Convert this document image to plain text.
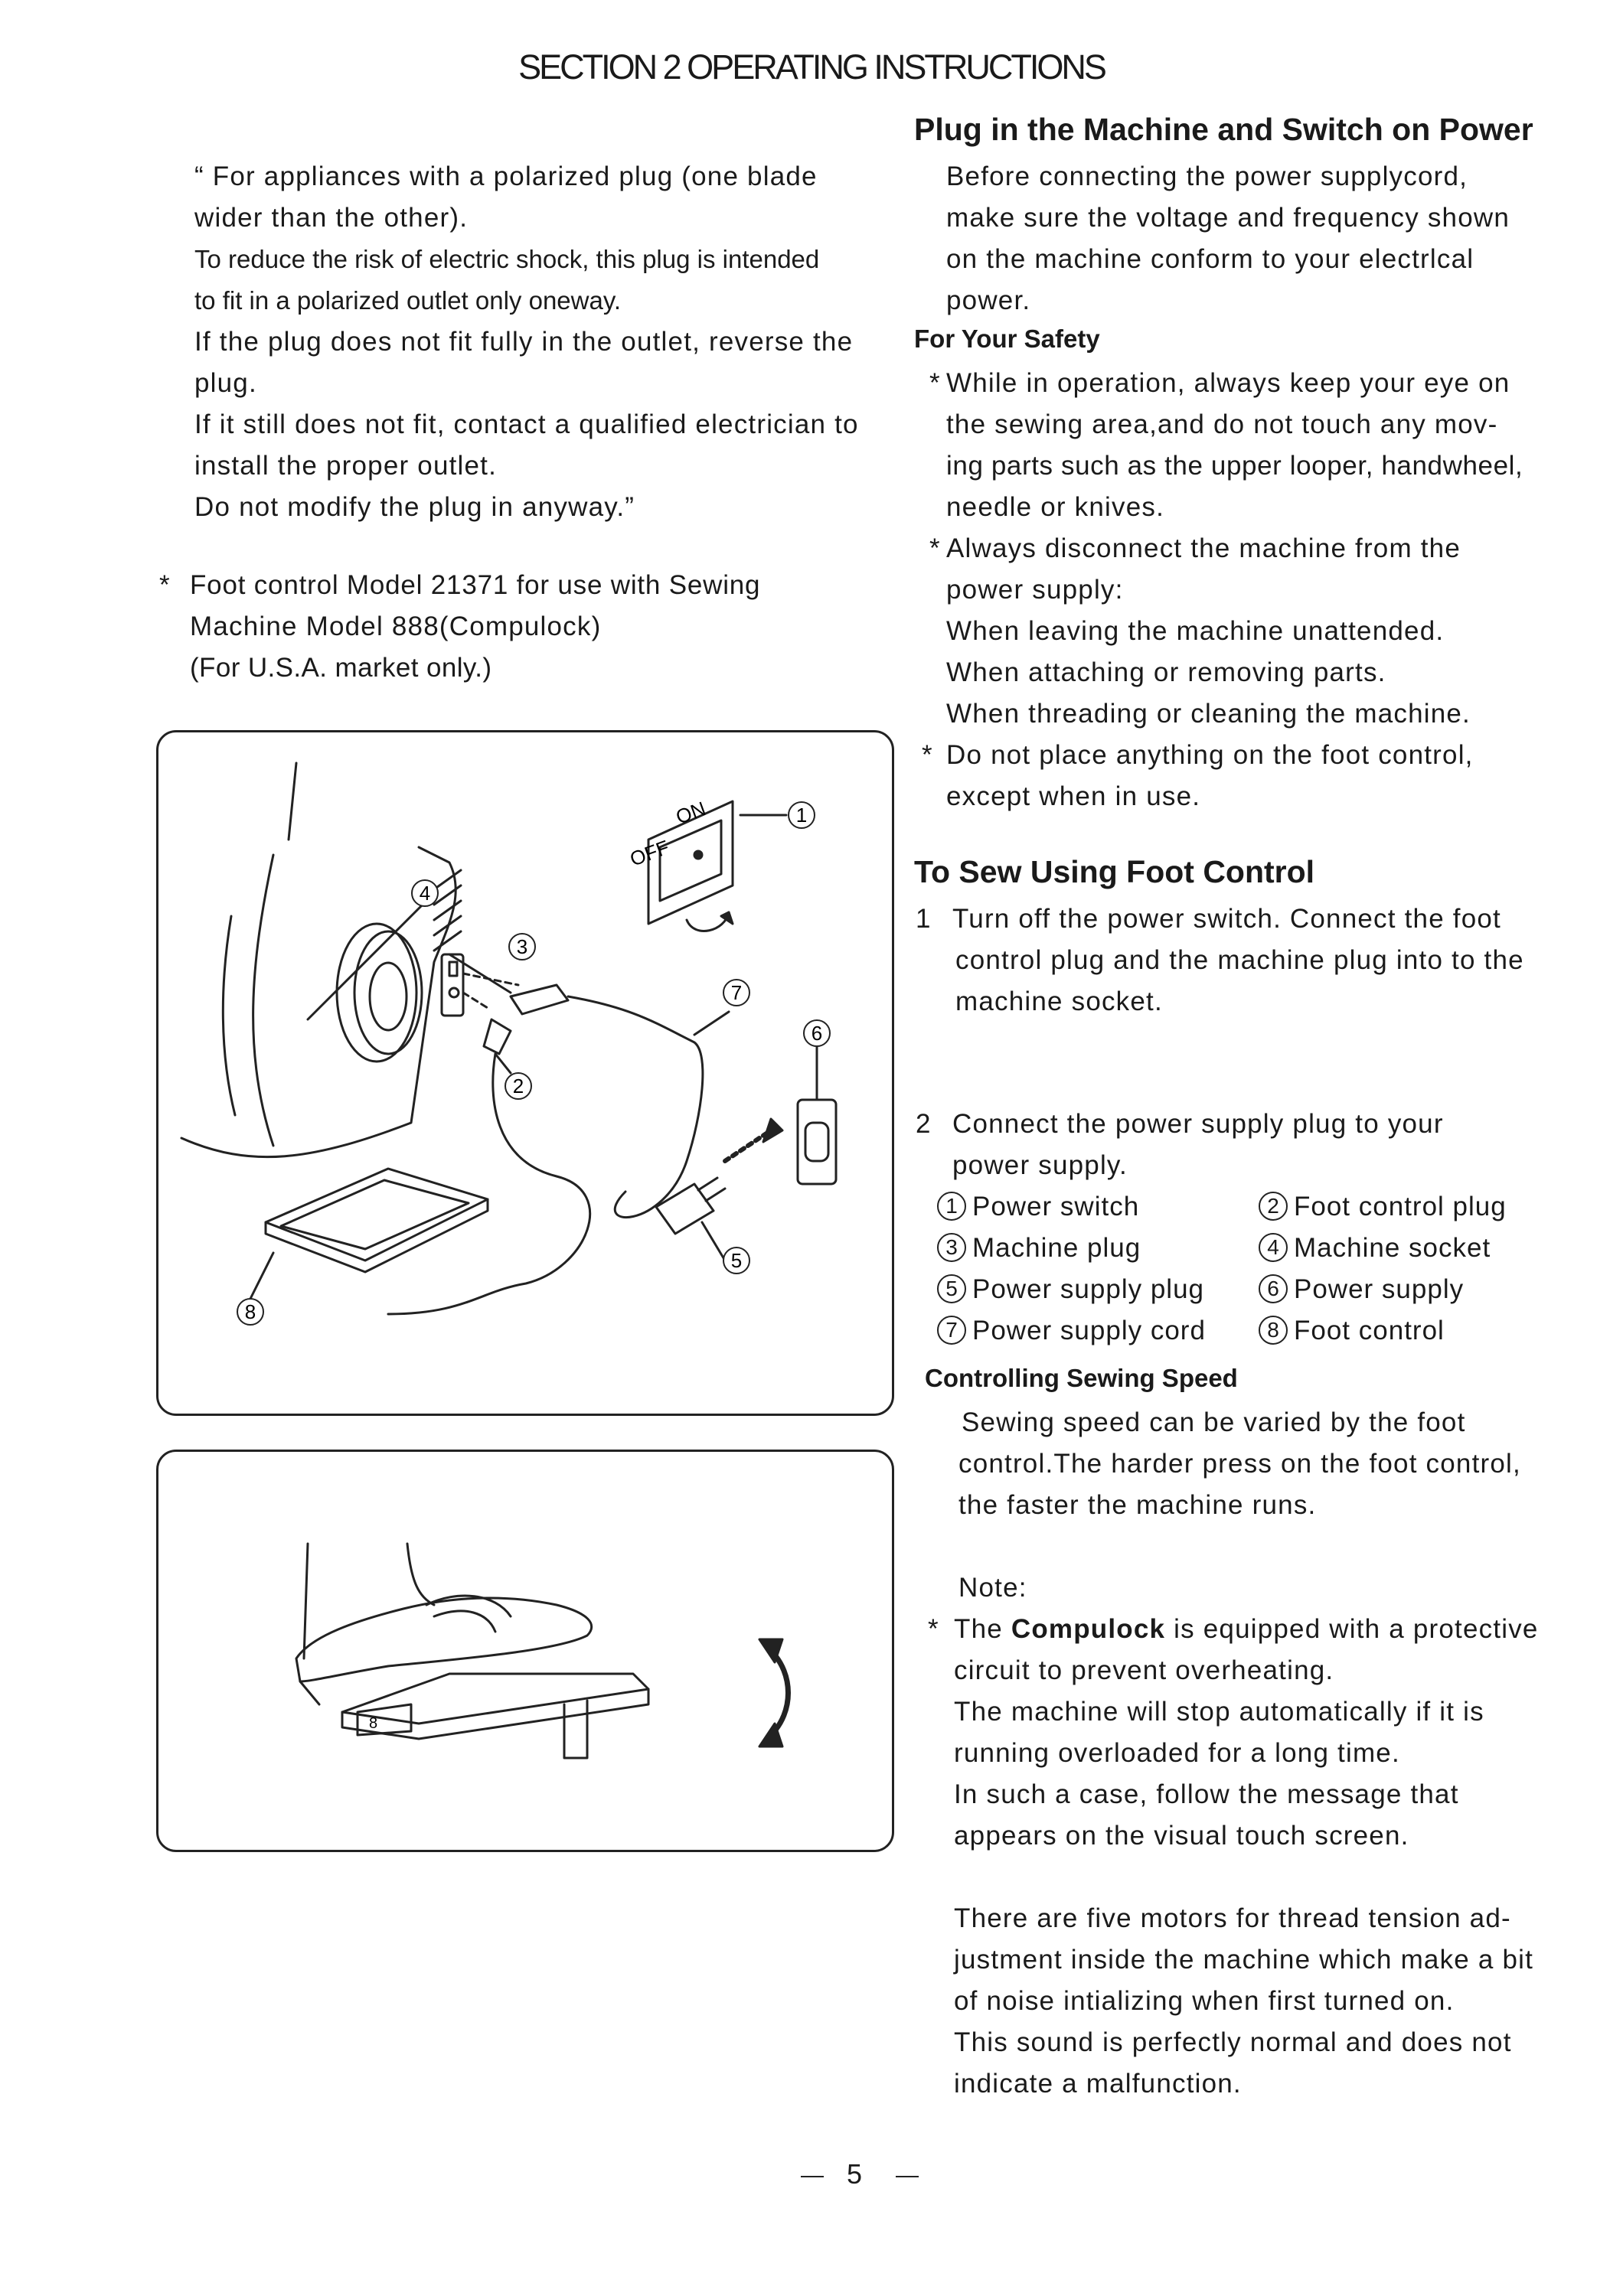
SECTION 2 OPERATING INSTRUCTIONS
“ For appliances with a polarized plug (one blade
wider than the other).
To reduce the risk of electric shock, this plug is intended
to fit in a polarized outlet only oneway.
If the plug does not fit fully in the outlet, reverse the
plug.
If it still does not fit, contact a qualified electrician to
install the proper outlet.
Do not modify the plug in anyway.”
* Foot control Model 21371 for use with Sewing
Machine Model 888(Compulock)
(For U.S.A. market only.)
OFF
ON	1
2
3
4
5
6
7
8
8
Plug in the Machine and Switch on Power
Before connecting the power supplycord,
make sure the voltage and frequency shown
on the machine conform to your electrlcal
power.
For Your Safety
* While in operation, always keep your eye on
the sewing area,and do not touch any mov-
ing parts such as the upper looper, handwheel,
needle or knives.
* Always disconnect the machine from the
power supply:
When leaving the machine unattended.
When attaching or removing parts.
When threading or cleaning the machine.
* Do not place anything on the foot control,
except when in use.
To Sew Using Foot Control
1 Turn off the power switch. Connect the foot
control plug and the machine plug into to the
machine socket.
2 Connect the power supply plug to your
power supply.
1 Power switch	2 Foot control plug
3 Machine plug	4 Machine socket
5 Power supply plug	6 Power supply
7 Power supply cord	8 Foot control
Controlling Sewing Speed
Sewing speed can be varied by the foot
control.The harder press on the foot control,
the faster the machine runs.
Note:
* The Compulock is equipped with a protective
circuit to prevent overheating.
The machine will stop automatically if it is
running overloaded for a long time.
In such a case, follow the message that
appears on the visual touch screen.
There are five motors for thread tension ad-
justment inside the machine which make a bit
of noise intializing when first turned on.
This sound is perfectly normal and does not
indicate a malfunction.
5
